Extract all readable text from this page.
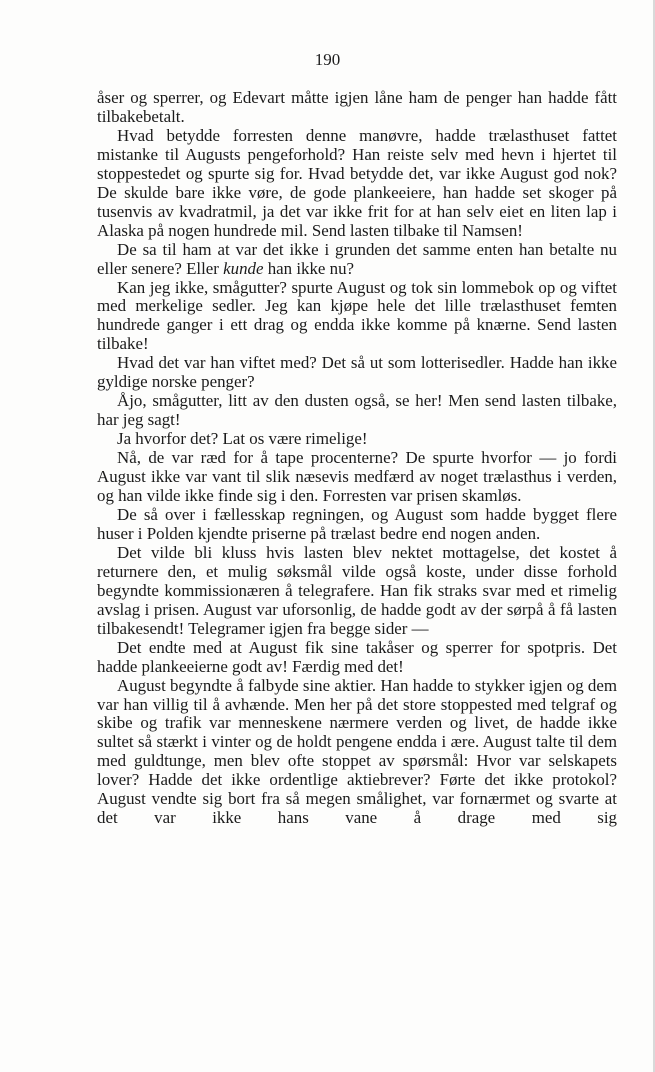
190

åser og sperrer, og Edevart måtte igjen låne ham de penger han hadde fått tilbakebetalt.

Hvad betydde forresten denne manøvre, hadde trælasthuset fattet mistanke til Augusts pengeforhold? Han reiste selv med hevn i hjertet til stoppestedet og spurte sig for. Hvad betydde det, var ikke August god nok? De skulde bare ikke vøre, de gode plankeeiere, han hadde set skoger på tusenvis av kvadratmil, ja det var ikke frit for at han selv eiet en liten lap i Alaska på nogen hundrede mil. Send lasten tilbake til Namsen!

De sa til ham at var det ikke i grunden det samme enten han betalte nu eller senere? Eller kunde han ikke nu?

Kan jeg ikke, smågutter? spurte August og tok sin lommebok op og viftet med merkelige sedler. Jeg kan kjøpe hele det lille trælasthuset femten hundrede ganger i ett drag og endda ikke komme på knærne. Send lasten tilbake!

Hvad det var han viftet med? Det så ut som lotterisedler. Hadde han ikke gyldige norske penger?

Åjo, smågutter, litt av den dusten også, se her! Men send lasten tilbake, har jeg sagt!

Ja hvorfor det? Lat os være rimelige!

Nå, de var ræd for å tape procenterne? De spurte hvorfor — jo fordi August ikke var vant til slik næsevis medfærd av noget trælasthus i verden, og han vilde ikke finde sig i den. Forresten var prisen skamløs.

De så over i fællesskap regningen, og August som hadde bygget flere huser i Polden kjendte priserne på trælast bedre end nogen anden.

Det vilde bli kluss hvis lasten blev nektet mottagelse, det kostet å returnere den, et mulig søksmål vilde også koste, under disse forhold begyndte kommissionæren å telegrafere. Han fik straks svar med et rimelig avslag i prisen. August var uforsonlig, de hadde godt av der sørpå å få lasten tilbakesendt! Telegramer igjen fra begge sider —

Det endte med at August fik sine takåser og sperrer for spotpris. Det hadde plankeeierne godt av! Færdig med det!

August begyndte å falbyde sine aktier. Han hadde to stykker igjen og dem var han villig til å avhænde. Men her på det store stoppested med telgraf og skibe og trafik var menneskene nærmere verden og livet, de hadde ikke sultet så stærkt i vinter og de holdt pengene endda i ære. August talte til dem med guldtunge, men blev ofte stoppet av spørsmål: Hvor var selskapets lover? Hadde det ikke ordentlige aktiebrever? Førte det ikke protokol? August vendte sig bort fra så megen smålighet, var fornærmet og svarte at det var ikke hans vane å drage med sig
